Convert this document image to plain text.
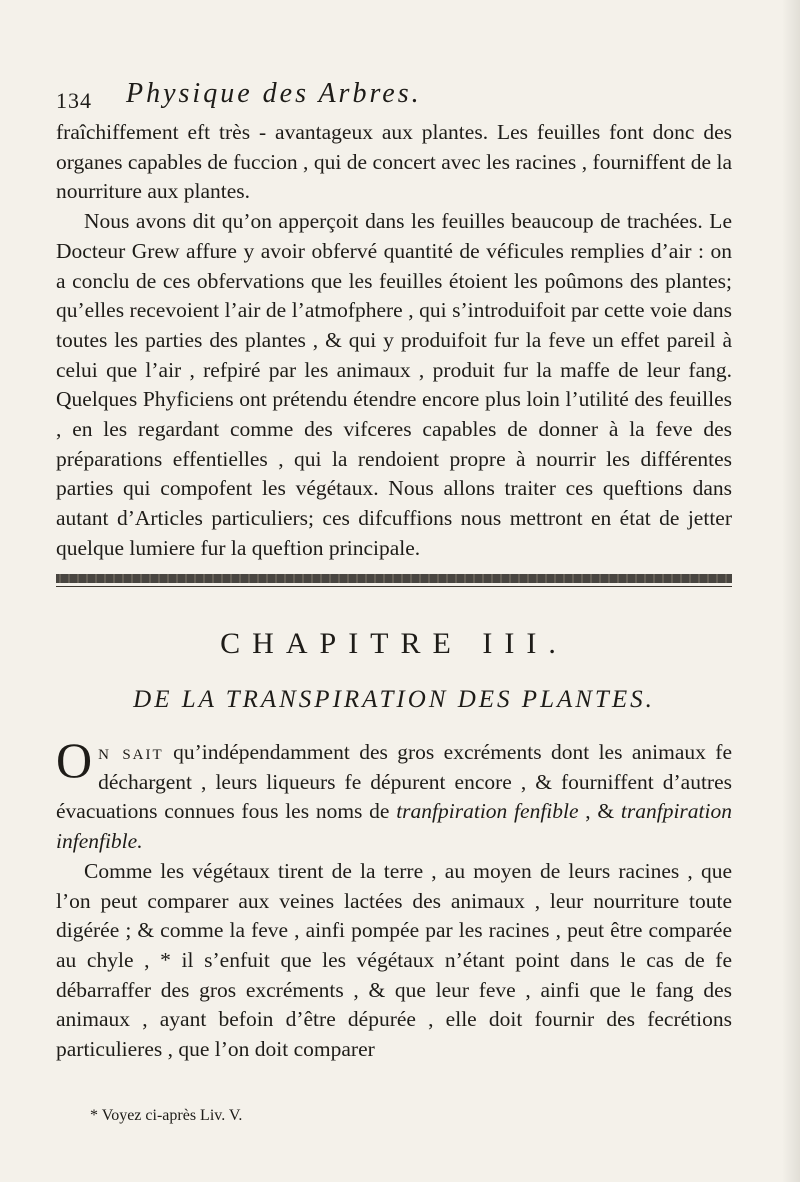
134 Physique des Arbres.

fraîchiffement eft très - avantageux aux plantes. Les feuilles font donc des organes capables de fuccion , qui de concert avec les racines , fourniffent de la nourriture aux plantes.

Nous avons dit qu’on apperçoit dans les feuilles beaucoup de trachées. Le Docteur Grew affure y avoir obfervé quantité de véficules remplies d’air : on a conclu de ces obfervations que les feuilles étoient les poûmons des plantes; qu’elles recevoient l’air de l’atmofphere , qui s’introduifoit par cette voie dans toutes les parties des plantes , & qui y produifoit fur la feve un effet pareil à celui que l’air , refpiré par les animaux , produit fur la maffe de leur fang. Quelques Phyficiens ont prétendu étendre encore plus loin l’utilité des feuilles , en les regardant comme des vifceres capables de donner à la feve des préparations effentielles , qui la rendoient propre à nourrir les différentes parties qui compofent les végétaux. Nous allons traiter ces queftions dans autant d’Articles particuliers; ces difcuffions nous mettront en état de jetter quelque lumiere fur la queftion principale.

CHAPITRE III.
DE LA TRANSPIRATION DES PLANTES.

On sait qu’indépendamment des gros excréments dont les animaux fe déchargent , leurs liqueurs fe dépurent encore , & fourniffent d’autres évacuations connues fous les noms de tranfpiration fenfible , & tranfpiration infenfible.

Comme les végétaux tirent de la terre , au moyen de leurs racines , que l’on peut comparer aux veines lactées des animaux , leur nourriture toute digérée ; & comme la feve , ainfi pompée par les racines , peut être comparée au chyle , * il s’enfuit que les végétaux n’étant point dans le cas de fe débarraffer des gros excréments , & que leur feve , ainfi que le fang des animaux , ayant befoin d’être dépurée , elle doit fournir des fecrétions particulieres , que l’on doit comparer

* Voyez ci-après Liv. V.
